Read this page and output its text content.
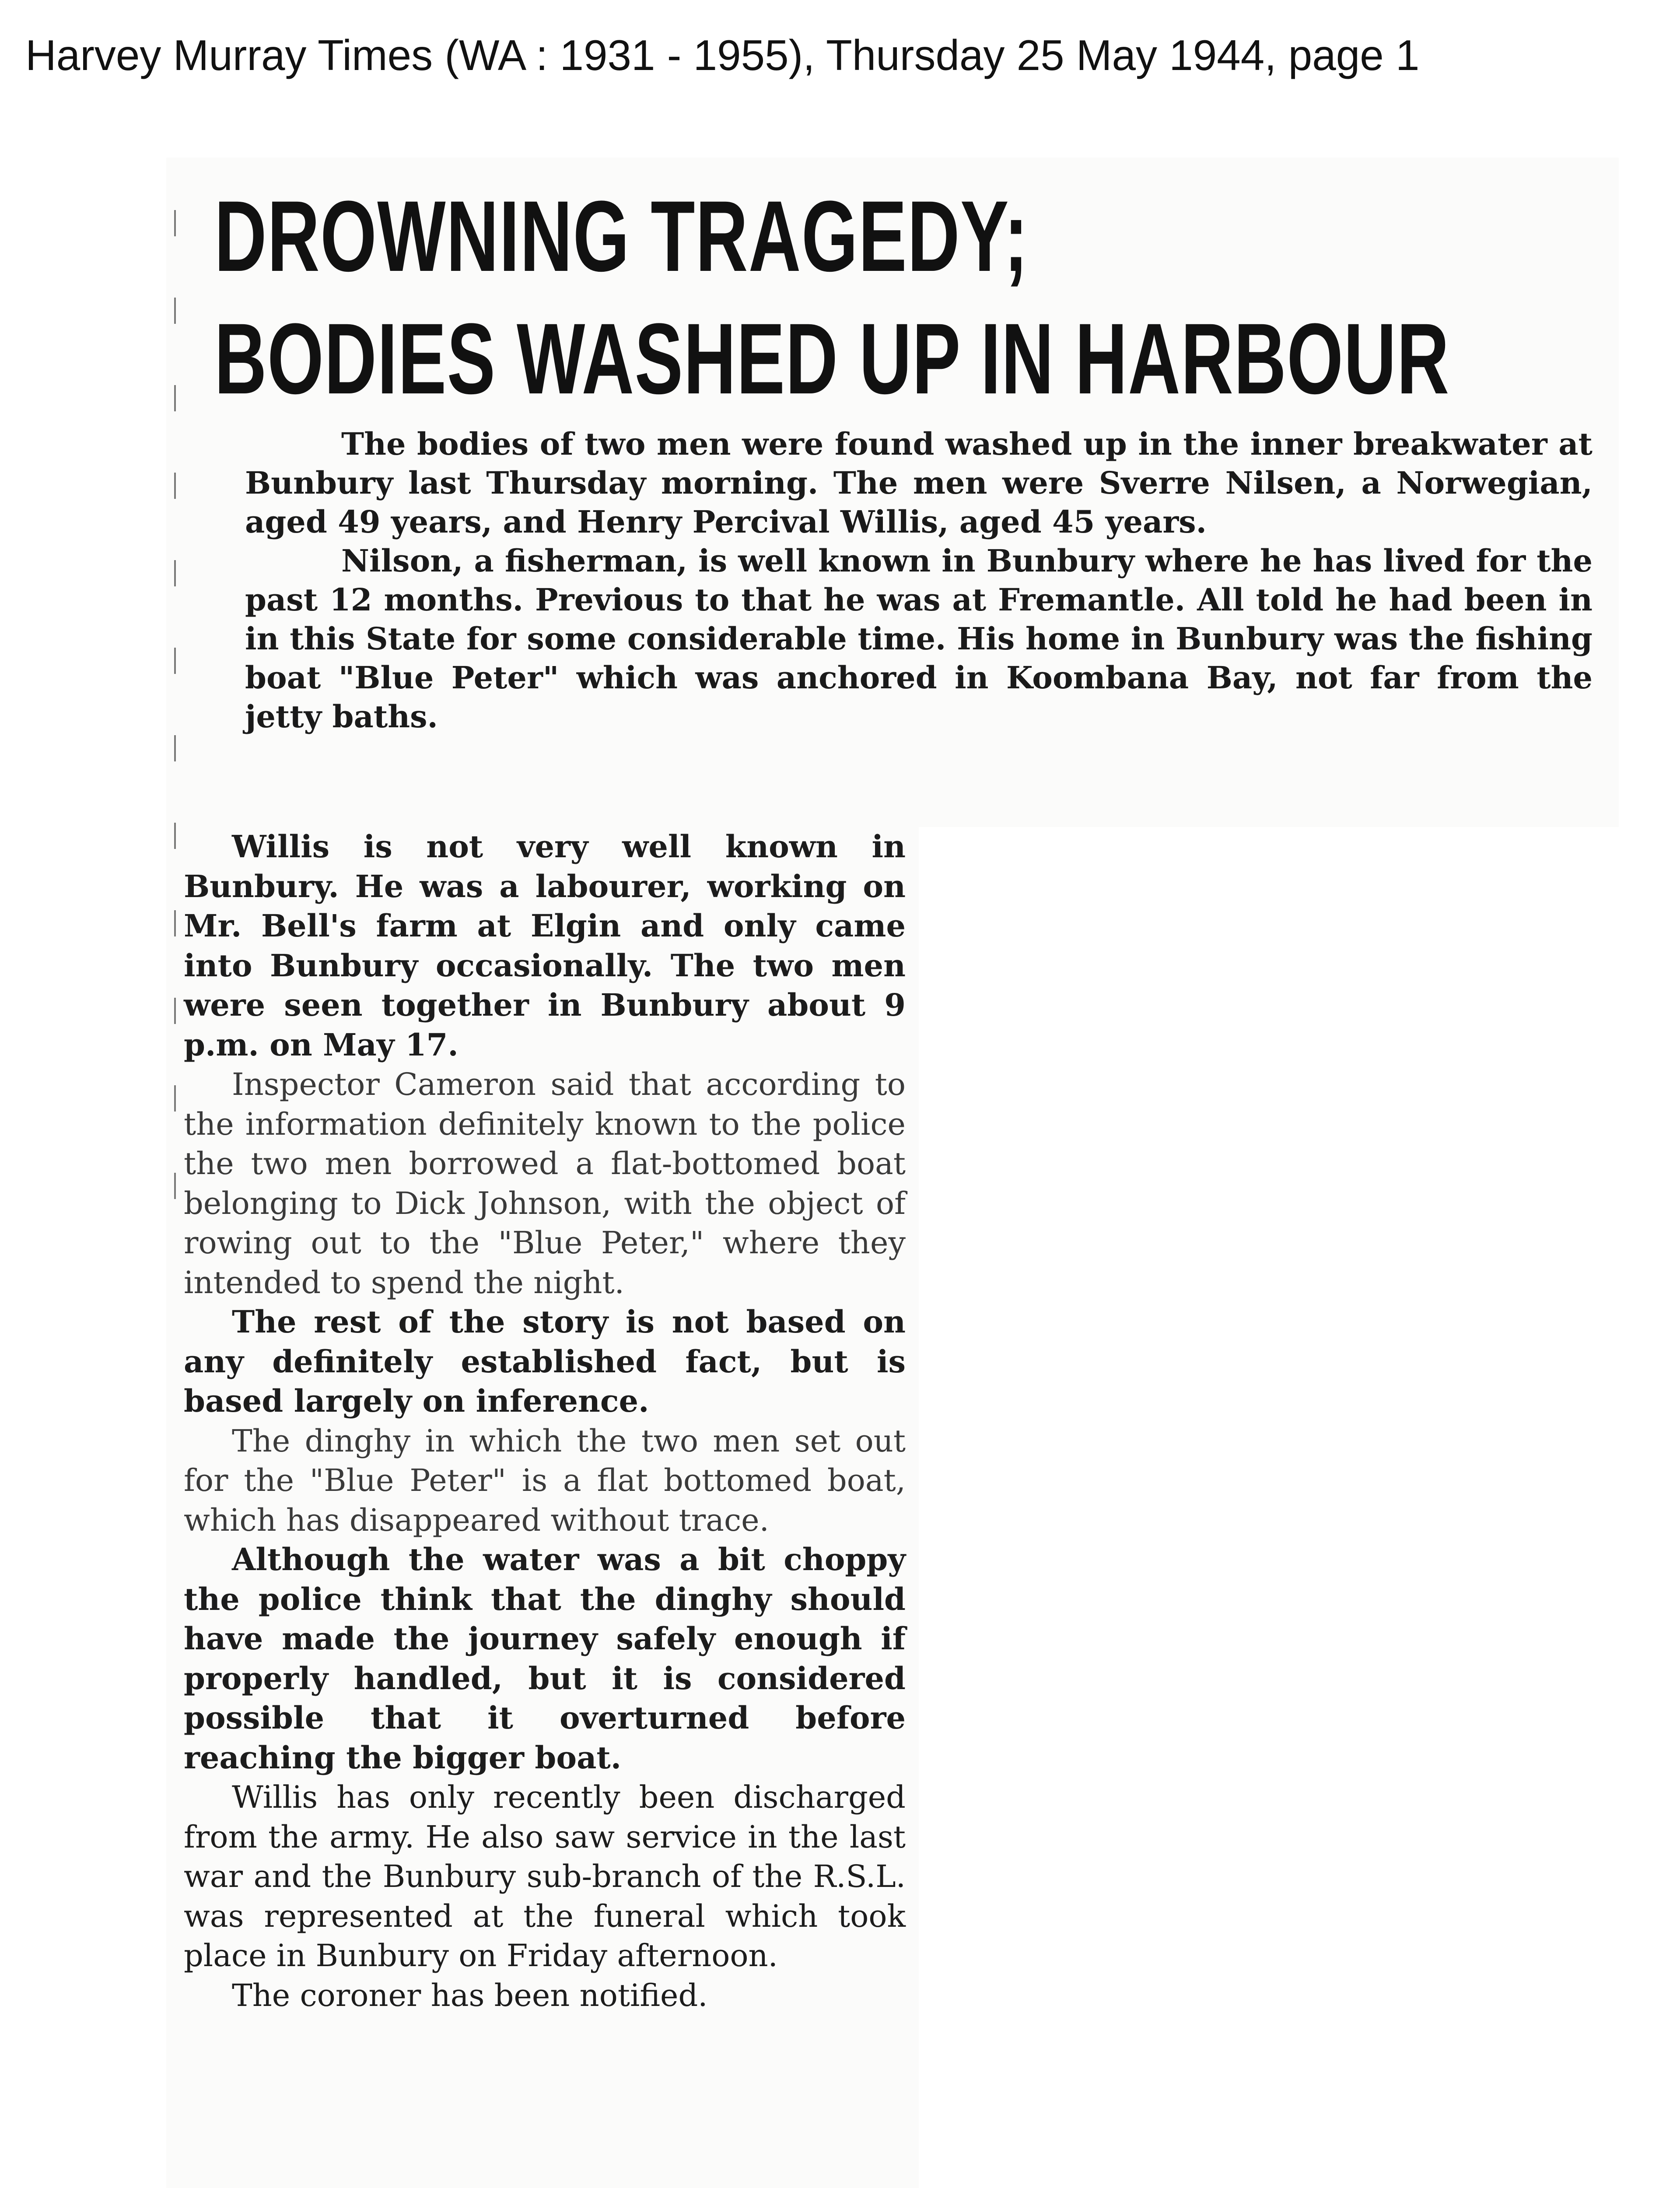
Harvey Murray Times (WA : 1931 - 1955), Thursday 25 May 1944, page 1
DROWNING TRAGEDY;
BODIES WASHED UP IN HARBOUR

The bodies of two men were found washed up in the inner breakwater at Bunbury last Thursday morning. The men were Sverre Nilsen, a Norwegian, aged 49 years, and Henry Percival Willis, aged 45 years.

Nilson, a fisherman, is well known in Bunbury where he has lived for the past 12 months. Previous to that he was at Fremantle. All told he had been in in this State for some considerable time. His home in Bunbury was the fishing boat "Blue Peter" which was anchored in Koombana Bay, not far from the jetty baths.

Willis is not very well known in Bunbury. He was a labourer, working on Mr. Bell's farm at Elgin and only came into Bunbury occasionally. The two men were seen together in Bunbury about 9 p.m. on May 17.

Inspector Cameron said that according to the information definitely known to the police the two men borrowed a flat-bottomed boat belonging to Dick Johnson, with the object of rowing out to the "Blue Peter," where they intended to spend the night.

The rest of the story is not based on any definitely established fact, but is based largely on inference.

The dinghy in which the two men set out for the "Blue Peter" is a flat bottomed boat, which has disappeared without trace.

Although the water was a bit choppy the police think that the dinghy should have made the journey safely enough if properly handled, but it is considered possible that it overturned before reaching the bigger boat.

Willis has only recently been discharged from the army. He also saw service in the last war and the Bunbury sub-branch of the R.S.L. was represented at the funeral which took place in Bunbury on Friday afternoon.

The coroner has been notified.
